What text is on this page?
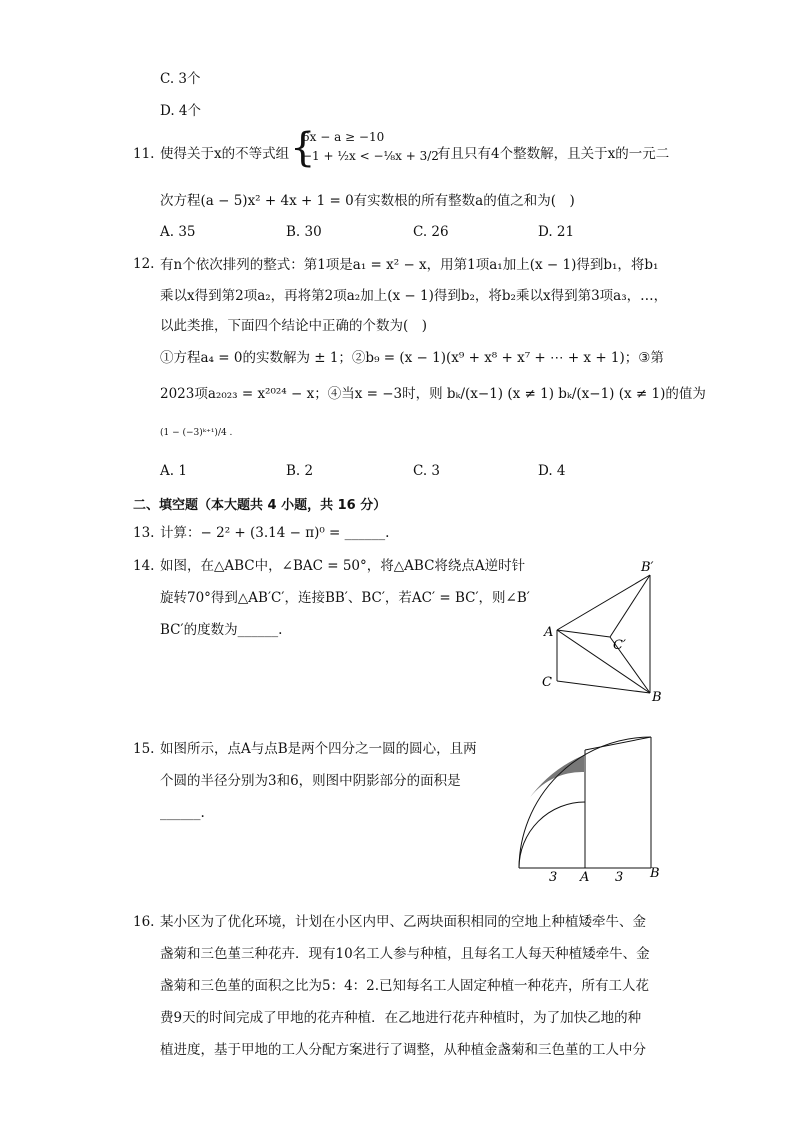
C. 3个
D. 4个
11. 使得关于x的不等式组 {
6x − a ≥ −10
−1 + ½x < −⅛x + 3/2
有且只有4个整数解，且关于x的一元二
次方程(a − 5)x² + 4x + 1 = 0有实数根的所有整数a的值之和为(　)
A. 35	B. 30	C. 26	D. 21
12. 有n个依次排列的整式：第1项是a₁ = x² − x，用第1项a₁加上(x − 1)得到b₁，将b₁
乘以x得到第2项a₂，再将第2项a₂加上(x − 1)得到b₂，将b₂乘以x得到第3项a₃，…，
以此类推，下面四个结论中正确的个数为(　)
①方程a₄ = 0的实数解为 ± 1；②b₉ = (x − 1)(x⁹ + x⁸ + x⁷ + ⋯ + x + 1)；③第
2023项a₂₀₂₃ = x²⁰²⁴ − x；④当x = −3时，则 bₖ/(x−1) (x ≠ 1) bₖ/(x−1) (x ≠ 1)的值为
(1 − (−3)ᵏ⁺¹)/4 .
A. 1	B. 2	C. 3	D. 4
二、填空题（本大题共 4 小题，共 16 分）
13. 计算：− 2² + (3.14 − π)⁰ = ______.
14. 如图，在△ABC中，∠BAC = 50°，将△ABC将绕点A逆时针
旋转70°得到△AB′C′，连接BB′、BC′，若AC′ = BC′，则∠B′
BC′的度数为______.	A
B
C
B′
C′
15. 如图所示，点A与点B是两个四分之一圆的圆心，且两
个圆的半径分别为3和6，则图中阴影部分的面积是
______.
3 A 3 B
16. 某小区为了优化环境，计划在小区内甲、乙两块面积相同的空地上种植矮牵牛、金
盏菊和三色堇三种花卉．现有10名工人参与种植，且每名工人每天种植矮牵牛、金
盏菊和三色堇的面积之比为5：4：2.已知每名工人固定种植一种花卉，所有工人花
费9天的时间完成了甲地的花卉种植．在乙地进行花卉种植时，为了加快乙地的种
植进度，基于甲地的工人分配方案进行了调整，从种植金盏菊和三色堇的工人中分
